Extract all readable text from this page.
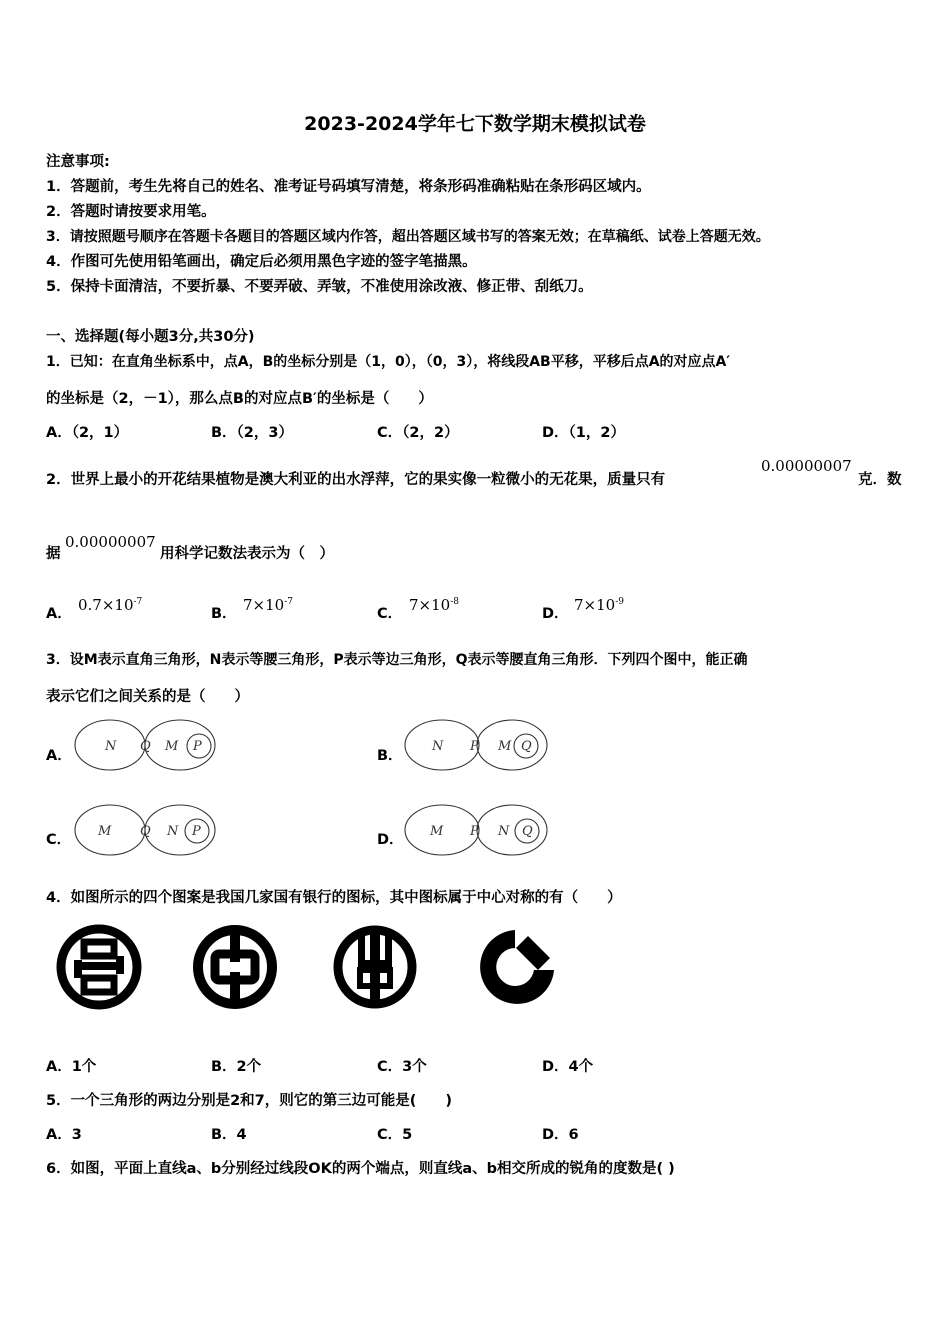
2023-2024学年七下数学期末模拟试卷
注意事项:
1．答题前，考生先将自己的姓名、准考证号码填写清楚，将条形码准确粘贴在条形码区域内。
2．答题时请按要求用笔。
3．请按照题号顺序在答题卡各题目的答题区域内作答，超出答题区域书写的答案无效；在草稿纸、试卷上答题无效。
4．作图可先使用铅笔画出，确定后必须用黑色字迹的签字笔描黑。
5．保持卡面清洁，不要折暴、不要弄破、弄皱，不准使用涂改液、修正带、刮纸刀。
一、选择题(每小题3分,共30分)
1．已知：在直角坐标系中，点A，B的坐标分别是（1，0），（0，3），将线段AB平移，平移后点A的对应点A′
的坐标是（2，－1），那么点B的对应点B′的坐标是（　　）
A．（2，1）	B．（2，3）	C．（2，2）	D．（1，2）
2．世界上最小的开花结果植物是澳大利亚的出水浮萍，它的果实像一粒微小的无花果，质量只有
0.00000007
克．数
据
0.00000007
用科学记数法表示为（　）
A． $0.7\times 10^{-7}$
B． $7\times 10^{-7}$
C． $7\times 10^{-8}$
D． $7\times 10^{-9}$
3．设M表示直角三角形，N表示等腰三角形，P表示等边三角形，Q表示等腰直角三角形．下列四个图中，能正确
表示它们之间关系的是（　　）
A．
N Q M P
B．
N P M Q
C．
M Q N P
D．
M P N Q
4．如图所示的四个图案是我国几家国有银行的图标，其中图标属于中心对称的有（　　）
A．1个	B．2个	C．3个	D．4个
5．一个三角形的两边分别是2和7，则它的第三边可能是(　　)
A．3	B．4	C．5	D．6
6．如图，平面上直线a、b分别经过线段OK的两个端点，则直线a、b相交所成的锐角的度数是( )
